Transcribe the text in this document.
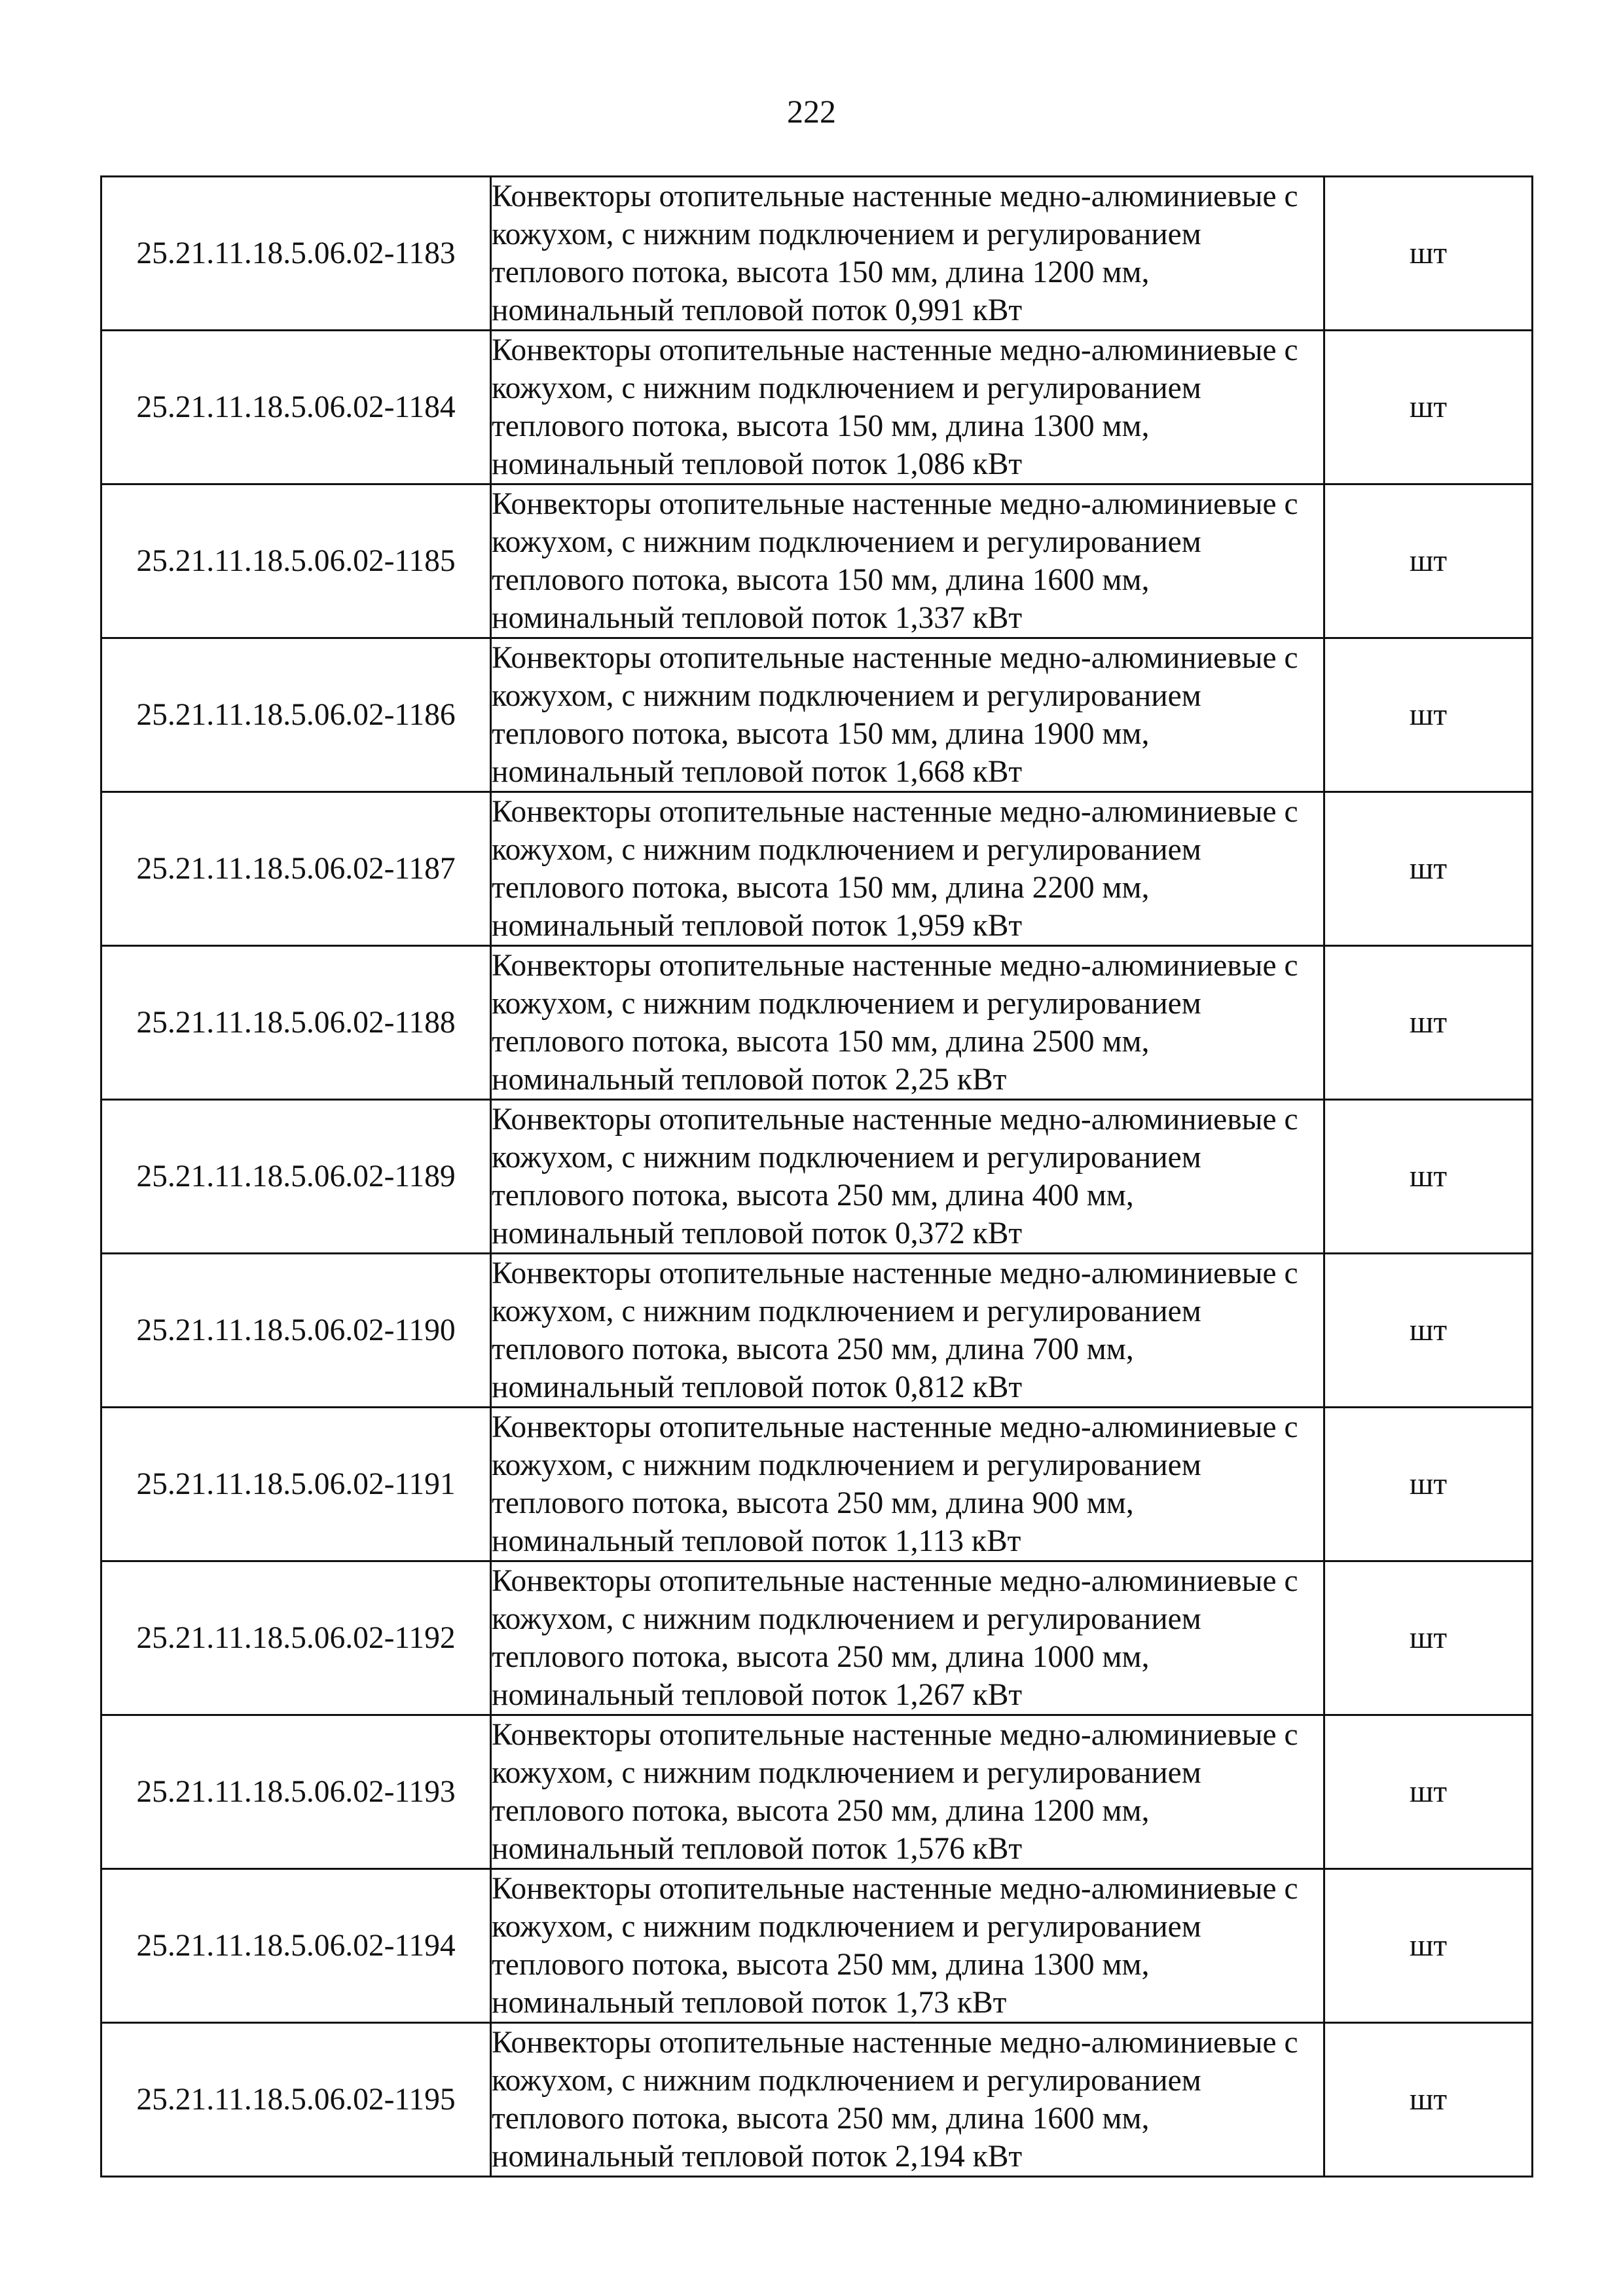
222
25.21.11.18.5.06.02-1183	Конвекторы отопительные настенные медно-алюминиевые с кожухом, с нижним подключением и регулированием теплового потока, высота 150 мм, длина 1200 мм, номинальный тепловой поток 0,991 кВт	шт
25.21.11.18.5.06.02-1184	Конвекторы отопительные настенные медно-алюминиевые с кожухом, с нижним подключением и регулированием теплового потока, высота 150 мм, длина 1300 мм, номинальный тепловой поток 1,086 кВт	шт
25.21.11.18.5.06.02-1185	Конвекторы отопительные настенные медно-алюминиевые с кожухом, с нижним подключением и регулированием теплового потока, высота 150 мм, длина 1600 мм, номинальный тепловой поток 1,337 кВт	шт
25.21.11.18.5.06.02-1186	Конвекторы отопительные настенные медно-алюминиевые с кожухом, с нижним подключением и регулированием теплового потока, высота 150 мм, длина 1900 мм, номинальный тепловой поток 1,668 кВт	шт
25.21.11.18.5.06.02-1187	Конвекторы отопительные настенные медно-алюминиевые с кожухом, с нижним подключением и регулированием теплового потока, высота 150 мм, длина 2200 мм, номинальный тепловой поток 1,959 кВт	шт
25.21.11.18.5.06.02-1188	Конвекторы отопительные настенные медно-алюминиевые с кожухом, с нижним подключением и регулированием теплового потока, высота 150 мм, длина 2500 мм, номинальный тепловой поток 2,25 кВт	шт
25.21.11.18.5.06.02-1189	Конвекторы отопительные настенные медно-алюминиевые с кожухом, с нижним подключением и регулированием теплового потока, высота 250 мм, длина 400 мм, номинальный тепловой поток 0,372 кВт	шт
25.21.11.18.5.06.02-1190	Конвекторы отопительные настенные медно-алюминиевые с кожухом, с нижним подключением и регулированием теплового потока, высота 250 мм, длина 700 мм, номинальный тепловой поток 0,812 кВт	шт
25.21.11.18.5.06.02-1191	Конвекторы отопительные настенные медно-алюминиевые с кожухом, с нижним подключением и регулированием теплового потока, высота 250 мм, длина 900 мм, номинальный тепловой поток 1,113 кВт	шт
25.21.11.18.5.06.02-1192	Конвекторы отопительные настенные медно-алюминиевые с кожухом, с нижним подключением и регулированием теплового потока, высота 250 мм, длина 1000 мм, номинальный тепловой поток 1,267 кВт	шт
25.21.11.18.5.06.02-1193	Конвекторы отопительные настенные медно-алюминиевые с кожухом, с нижним подключением и регулированием теплового потока, высота 250 мм, длина 1200 мм, номинальный тепловой поток 1,576 кВт	шт
25.21.11.18.5.06.02-1194	Конвекторы отопительные настенные медно-алюминиевые с кожухом, с нижним подключением и регулированием теплового потока, высота 250 мм, длина 1300 мм, номинальный тепловой поток 1,73 кВт	шт
25.21.11.18.5.06.02-1195	Конвекторы отопительные настенные медно-алюминиевые с кожухом, с нижним подключением и регулированием теплового потока, высота 250 мм, длина 1600 мм, номинальный тепловой поток 2,194 кВт	шт
